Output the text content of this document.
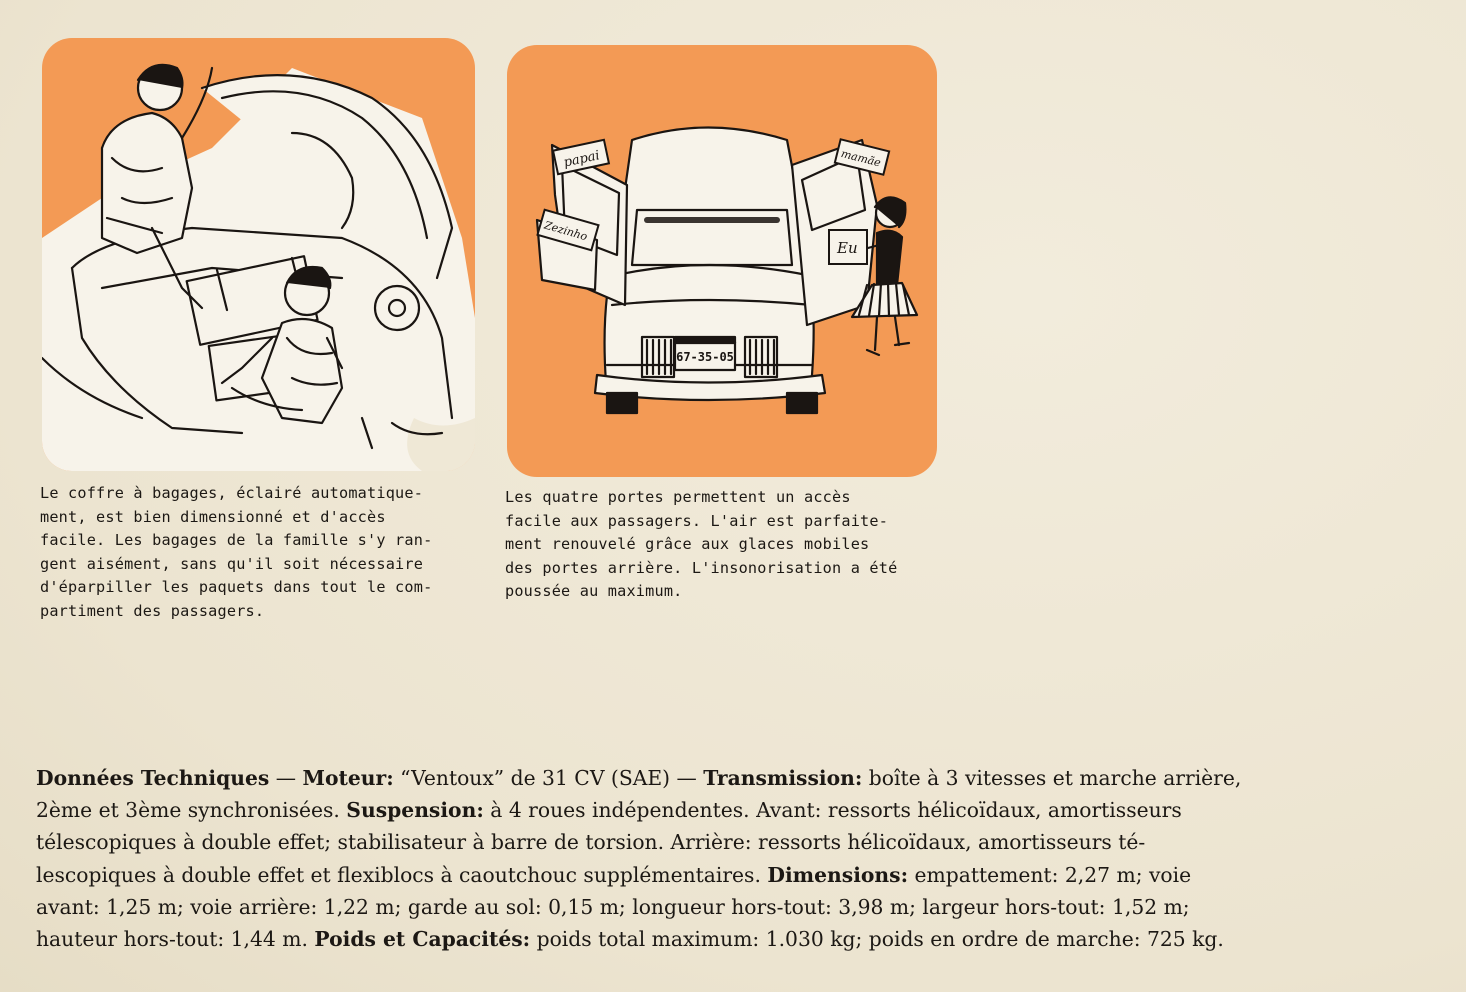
papai	mamãe
Zezinho
Eu
67-35-05

Le coffre à bagages, éclairé automatique-
ment, est bien dimensionné et d'accès
facile. Les bagages de la famille s'y ran-
gent aisément, sans qu'il soit nécessaire
d'éparpiller les paquets dans tout le com-
partiment des passagers.

Les quatre portes permettent un accès
facile aux passagers. L'air est parfaite-
ment renouvelé grâce aux glaces mobiles
des portes arrière. L'insonorisation a été
poussée au maximum.

Données Techniques — Moteur: “Ventoux” de 31 CV (SAE) — Transmission: boîte à 3 vitesses et marche arrière,
2ème et 3ème synchronisées. Suspension: à 4 roues indépendentes. Avant: ressorts hélicoïdaux, amortisseurs
télescopiques à double effet; stabilisateur à barre de torsion. Arrière: ressorts hélicoïdaux, amortisseurs té-
lescopiques à double effet et flexiblocs à caoutchouc supplémentaires. Dimensions: empattement: 2,27 m; voie
avant: 1,25 m; voie arrière: 1,22 m; garde au sol: 0,15 m; longueur hors-tout: 3,98 m; largeur hors-tout: 1,52 m;
hauteur hors-tout: 1,44 m. Poids et Capacités: poids total maximum: 1.030 kg; poids en ordre de marche: 725 kg.
